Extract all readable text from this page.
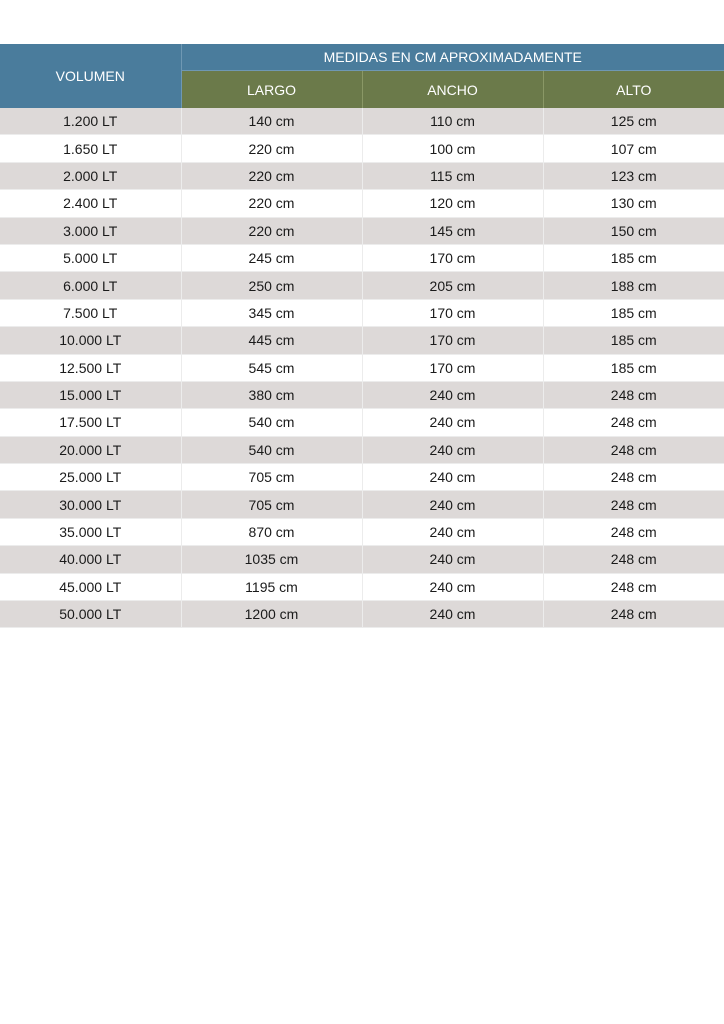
VOLUMEN	MEDIDAS EN CM APROXIMADAMENTE		
	LARGO	ANCHO	ALTO
1.200 LT	140 cm	110 cm	125 cm
1.650 LT	220 cm	100 cm	107 cm
2.000 LT	220 cm	115 cm	123 cm
2.400 LT	220 cm	120 cm	130 cm
3.000 LT	220 cm	145 cm	150 cm
5.000 LT	245 cm	170 cm	185 cm
6.000 LT	250 cm	205 cm	188 cm
7.500 LT	345 cm	170 cm	185 cm
10.000 LT	445 cm	170 cm	185 cm
12.500 LT	545 cm	170 cm	185 cm
15.000 LT	380 cm	240 cm	248 cm
17.500 LT	540 cm	240 cm	248 cm
20.000 LT	540 cm	240 cm	248 cm
25.000 LT	705 cm	240 cm	248 cm
30.000 LT	705 cm	240 cm	248 cm
35.000 LT	870 cm	240 cm	248 cm
40.000 LT	1035 cm	240 cm	248 cm
45.000 LT	1195 cm	240 cm	248 cm
50.000 LT	1200 cm	240 cm	248 cm
